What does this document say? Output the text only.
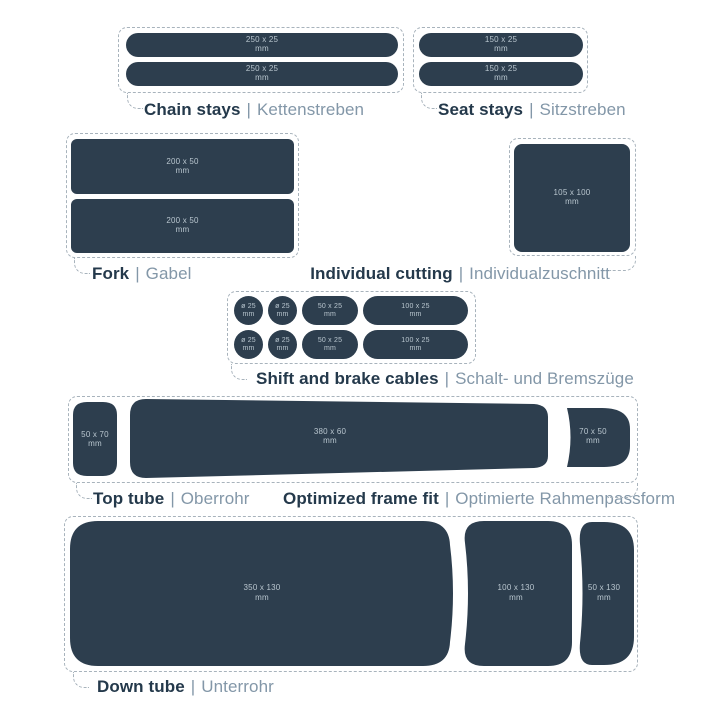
250 x 25
mm
250 x 25
mm
Chain stays | Kettenstreben
150 x 25
mm
150 x 25
mm
Seat stays | Sitzstreben
200 x 50
mm
200 x 50
mm
Fork | Gabel
105 x 100
mm
Individual cutting | Individualzuschnitt
ø 25
mm
ø 25
mm
50 x 25
mm
100 x 25
mm
ø 25
mm
ø 25
mm
50 x 25
mm
100 x 25
mm
Shift and brake cables | Schalt- und Bremszüge
50 x 70
mm
380 x 60
mm
70 x 50
mm
Top tube | Oberrohr Optimized frame fit | Optimierte Rahmenpassform
350 x 130
mm
100 x 130
mm
50 x 130
mm
Down tube | Unterrohr
